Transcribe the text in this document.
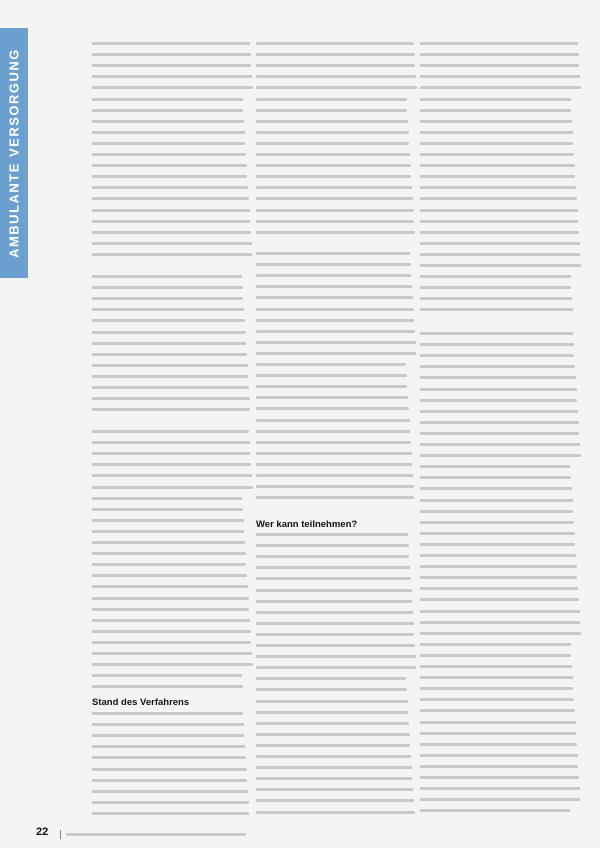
AMBULANTE VERSORGUNG
Stand des Verfahrens
Wer kann teilnehmen?
22
